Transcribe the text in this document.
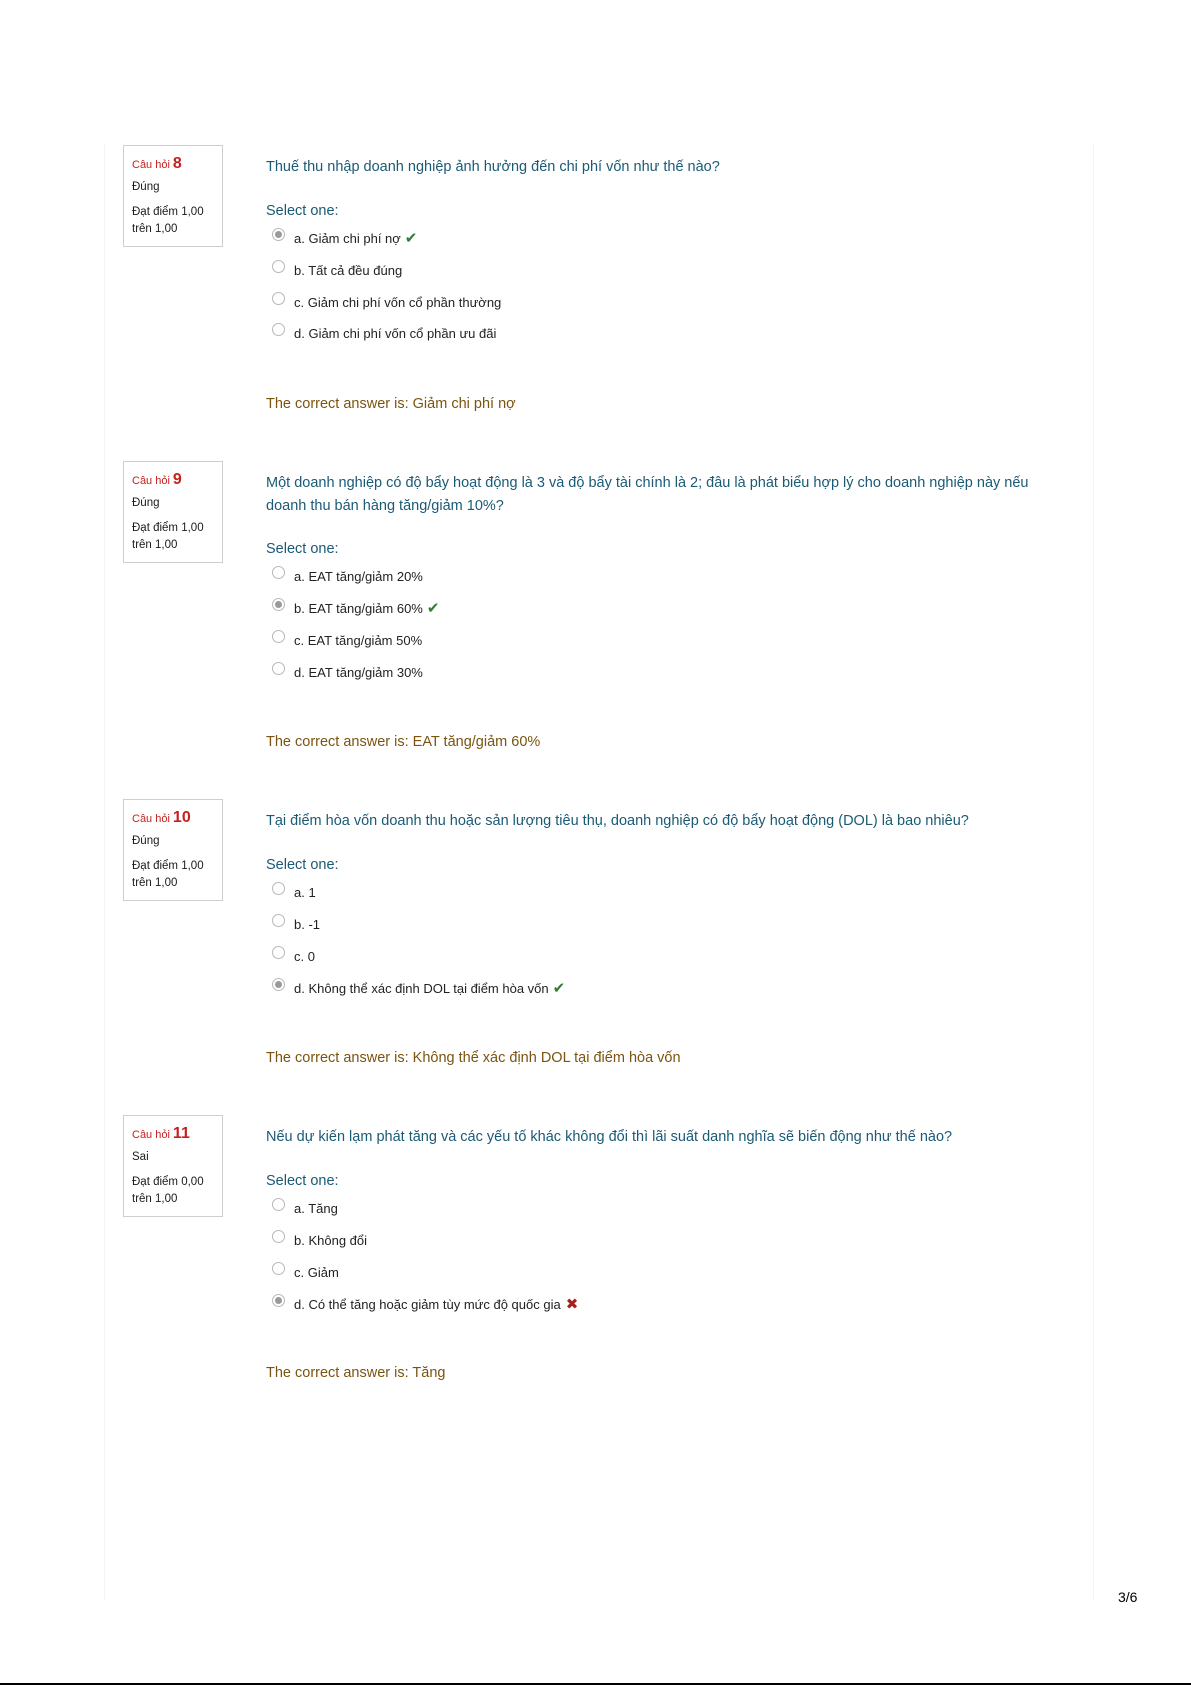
Câu hỏi 8
Đúng
Đạt điểm 1,00
trên 1,00
Thuế thu nhập doanh nghiệp ảnh hưởng đến chi phí vốn như thế nào?
Select one:
a. Giảm chi phí nợ ✔
b. Tất cả đều đúng
c. Giảm chi phí vốn cổ phần thường
d. Giảm chi phí vốn cổ phần ưu đãi
The correct answer is: Giảm chi phí nợ
Câu hỏi 9
Đúng
Đạt điểm 1,00
trên 1,00
Một doanh nghiệp có độ bẩy hoạt động là 3 và độ bẩy tài chính là 2; đâu là phát biểu hợp lý cho doanh nghiệp này nếu
doanh thu bán hàng tăng/giảm 10%?
Select one:
a. EAT tăng/giảm 20%
b. EAT tăng/giảm 60% ✔
c. EAT tăng/giảm 50%
d. EAT tăng/giảm 30%
The correct answer is: EAT tăng/giảm 60%
Câu hỏi 10
Đúng
Đạt điểm 1,00
trên 1,00
Tại điểm hòa vốn doanh thu hoặc sản lượng tiêu thụ, doanh nghiệp có độ bẩy hoạt động (DOL) là bao nhiêu?
Select one:
a. 1
b. -1
c. 0
d. Không thể xác định DOL tại điểm hòa vốn ✔
The correct answer is: Không thể xác định DOL tại điểm hòa vốn
Câu hỏi 11
Sai
Đạt điểm 0,00
trên 1,00
Nếu dự kiến lạm phát tăng và các yếu tố khác không đổi thì lãi suất danh nghĩa sẽ biến động như thế nào?
Select one:
a. Tăng
b. Không đổi
c. Giảm
d. Có thể tăng hoặc giảm tùy mức độ quốc gia ✖
The correct answer is: Tăng
3/6
